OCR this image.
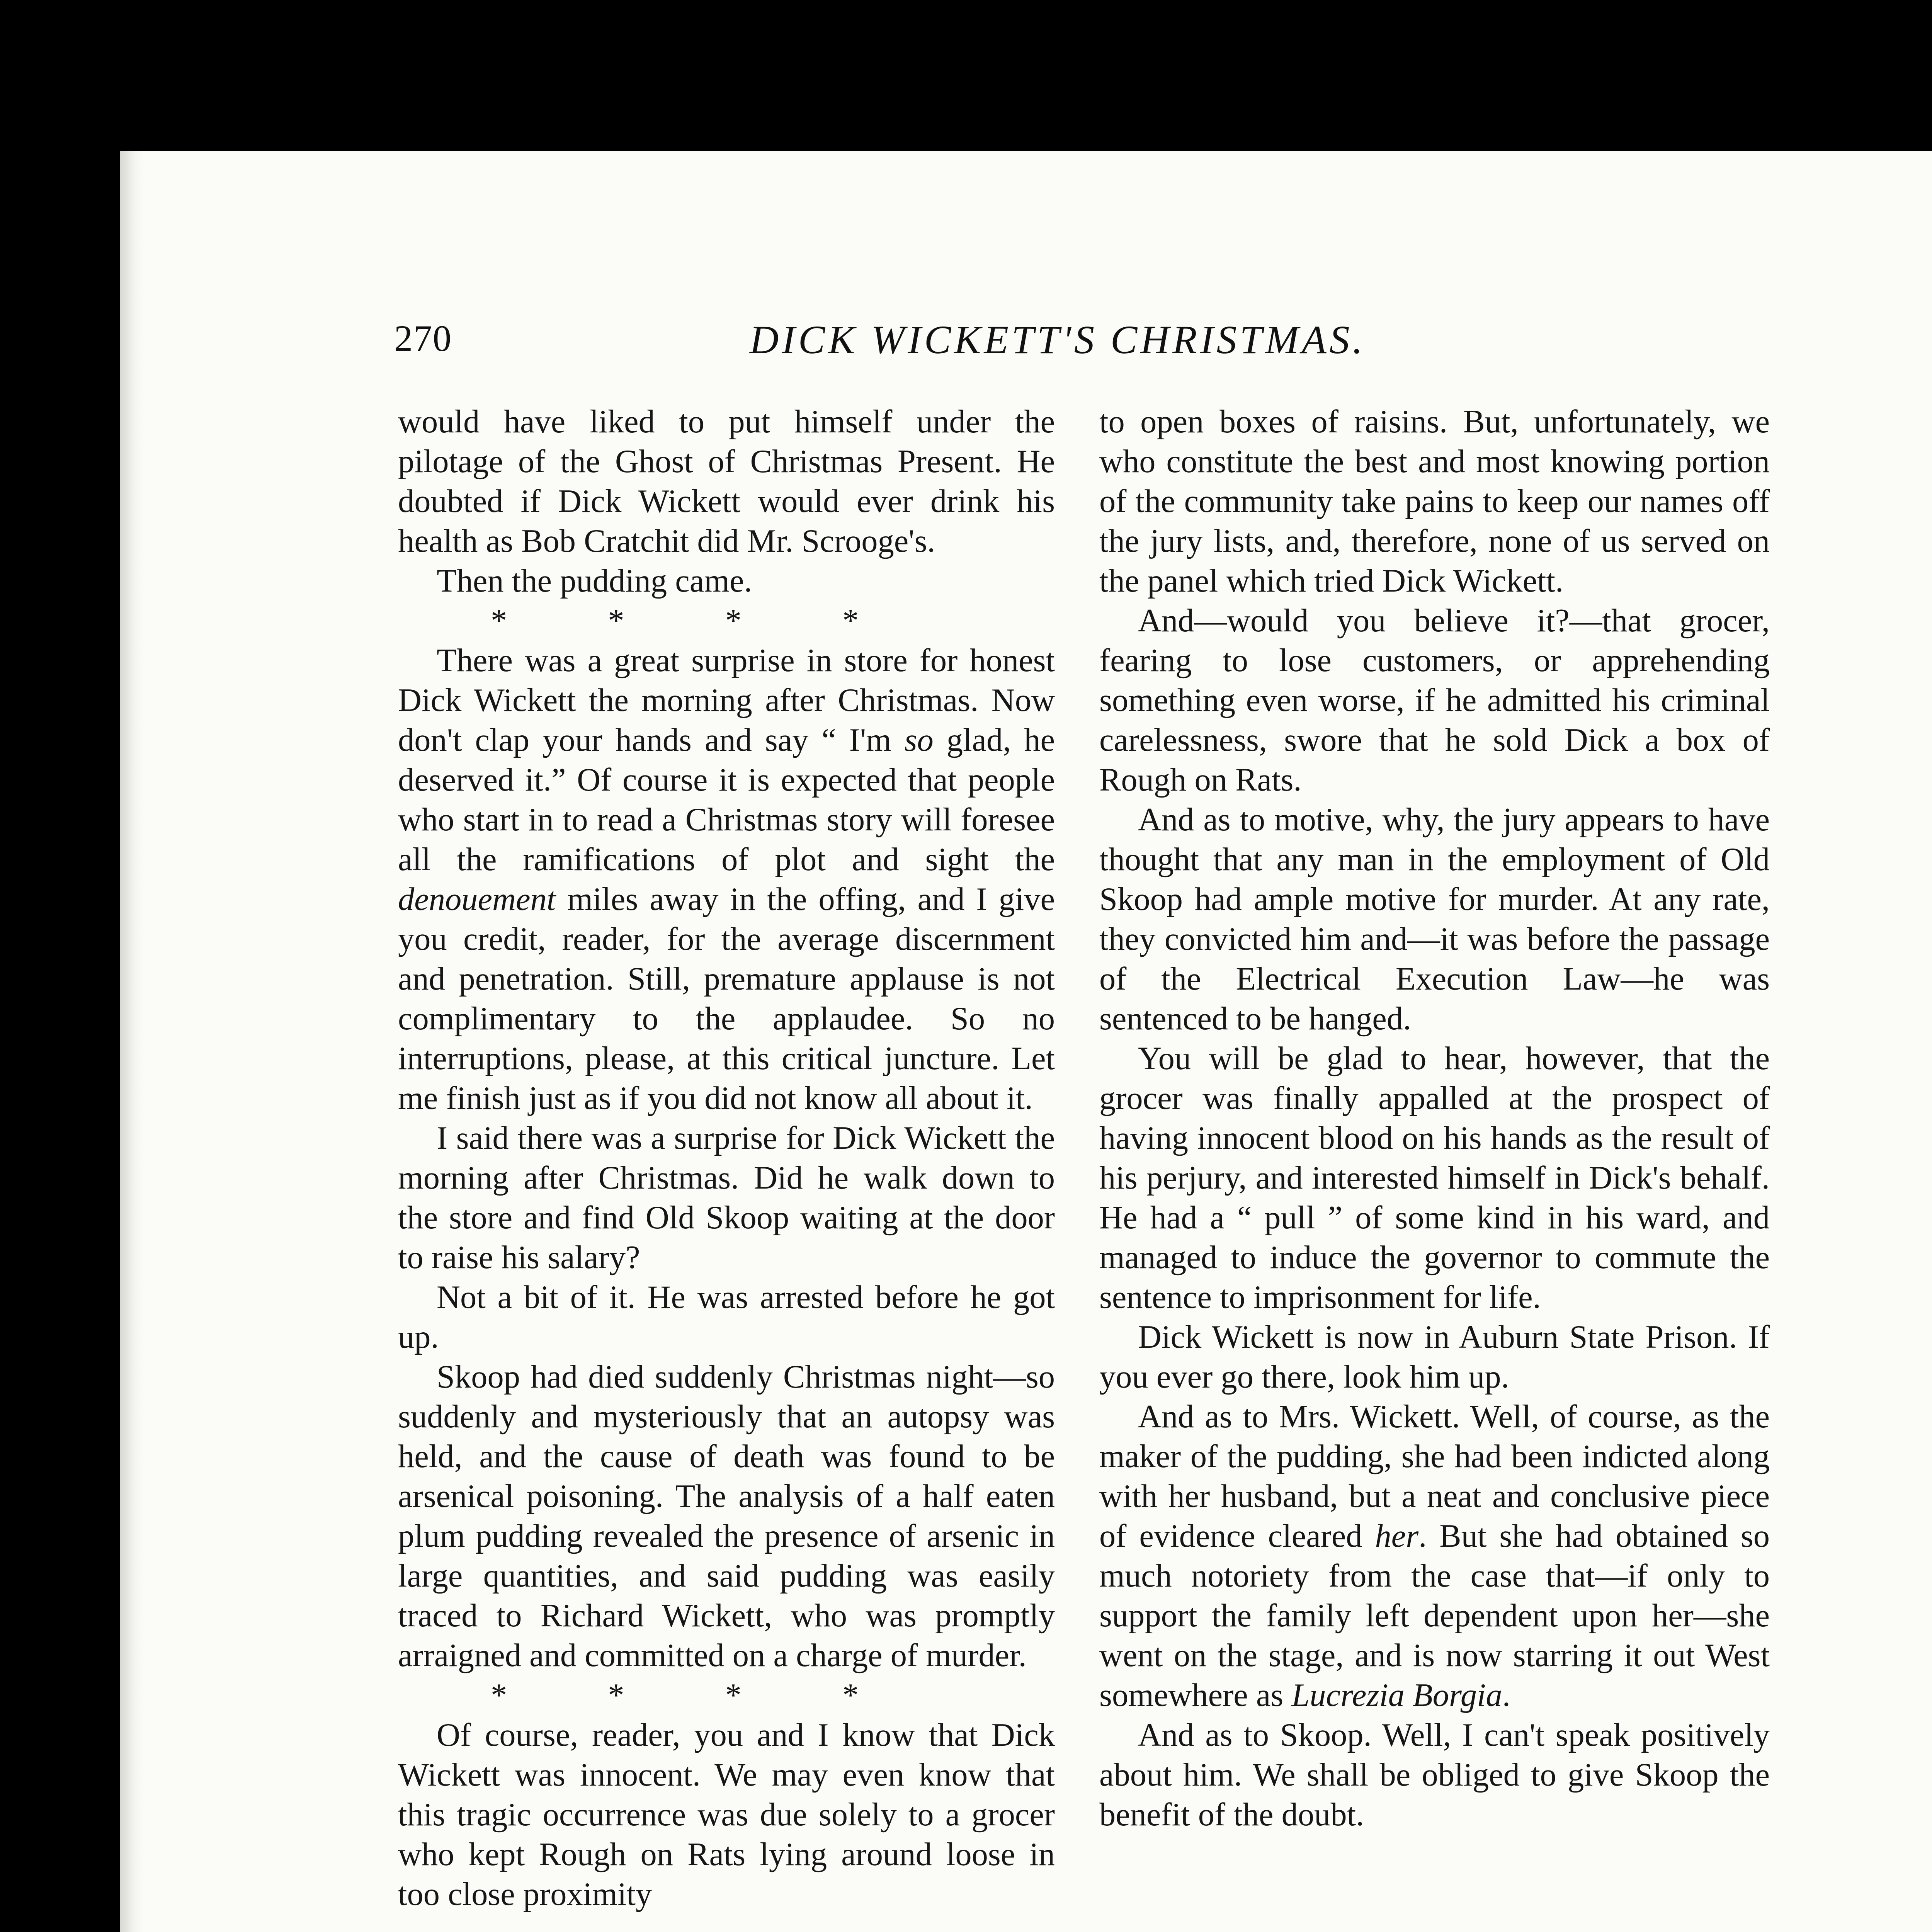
270	DICK WICKETT'S CHRISTMAS.

would have liked to put himself under the pilotage of the Ghost of Christmas Present. He doubted if Dick Wickett would ever drink his health as Bob Cratchit did Mr. Scrooge's.

Then the pudding came.

* * * *

There was a great surprise in store for honest Dick Wickett the morning after Christmas. Now don't clap your hands and say “ I'm so glad, he deserved it.” Of course it is expected that people who start in to read a Christmas story will foresee all the ramifications of plot and sight the denouement miles away in the offing, and I give you credit, reader, for the average discernment and penetration. Still, premature applause is not complimentary to the applaudee. So no interruptions, please, at this critical juncture. Let me finish just as if you did not know all about it.

I said there was a surprise for Dick Wickett the morning after Christmas. Did he walk down to the store and find Old Skoop waiting at the door to raise his salary?

Not a bit of it. He was arrested before he got up.

Skoop had died suddenly Christmas night—so suddenly and mysteriously that an autopsy was held, and the cause of death was found to be arsenical poisoning. The analysis of a half eaten plum pudding revealed the presence of arsenic in large quantities, and said pudding was easily traced to Richard Wickett, who was promptly arraigned and committed on a charge of murder.

* * * *

Of course, reader, you and I know that Dick Wickett was innocent. We may even know that this tragic occurrence was due solely to a grocer who kept Rough on Rats lying around loose in too close proximity

to open boxes of raisins. But, unfortunately, we who constitute the best and most knowing portion of the community take pains to keep our names off the jury lists, and, therefore, none of us served on the panel which tried Dick Wickett.

And—would you believe it?—that grocer, fearing to lose customers, or apprehending something even worse, if he admitted his criminal carelessness, swore that he sold Dick a box of Rough on Rats.

And as to motive, why, the jury appears to have thought that any man in the employment of Old Skoop had ample motive for murder. At any rate, they convicted him and—it was before the passage of the Electrical Execution Law—he was sentenced to be hanged.

You will be glad to hear, however, that the grocer was finally appalled at the prospect of having innocent blood on his hands as the result of his perjury, and interested himself in Dick's behalf. He had a “ pull ” of some kind in his ward, and managed to induce the governor to commute the sentence to imprisonment for life.

Dick Wickett is now in Auburn State Prison. If you ever go there, look him up.

And as to Mrs. Wickett. Well, of course, as the maker of the pudding, she had been indicted along with her husband, but a neat and conclusive piece of evidence cleared her. But she had obtained so much notoriety from the case that—if only to support the family left dependent upon her—she went on the stage, and is now starring it out West somewhere as Lucrezia Borgia.

And as to Skoop. Well, I can't speak positively about him. We shall be obliged to give Skoop the benefit of the doubt.
